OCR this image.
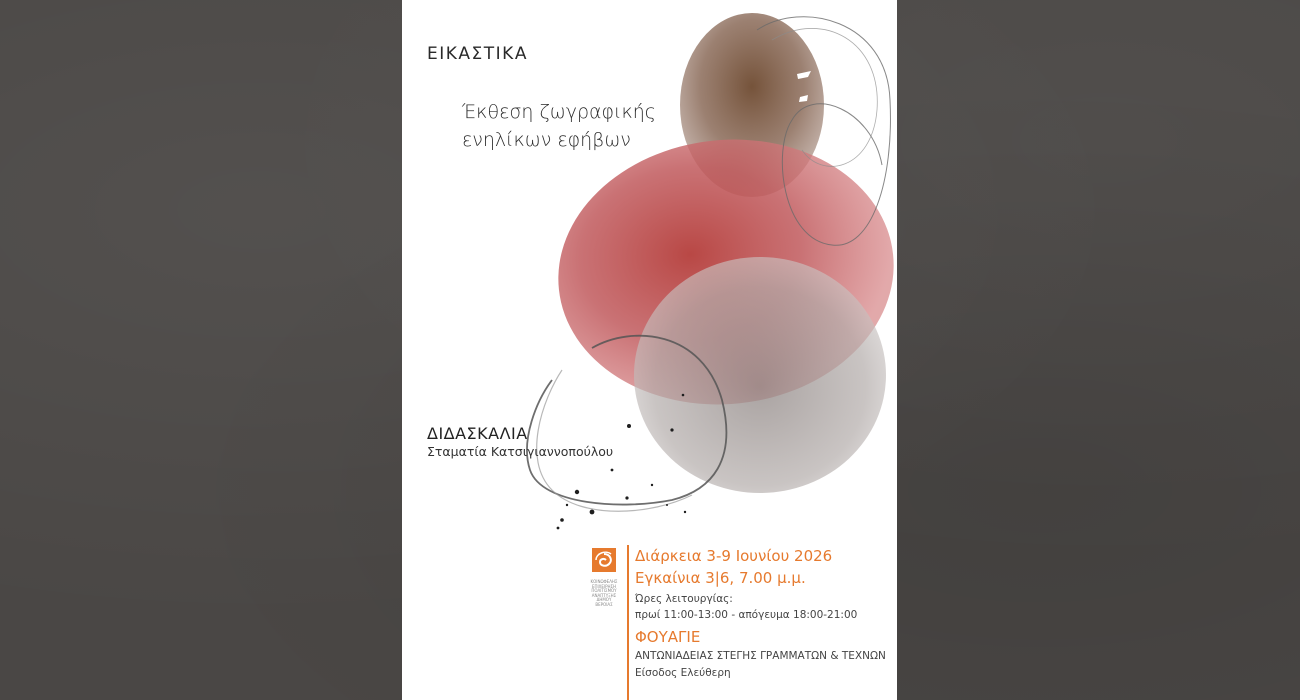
ΕΙΚΑΣΤΙΚΑ
Έκθεση ζωγραφικής
ενηλίκων εφήβων
ΔΙΔΑΣΚΑΛΙΑ
Σταματία Κατσιγιαννοπούλου
ΚΟΙΝΩΦΕΛΗΣ
ΕΠΙΧΕΙΡΗΣΗ
ΠΟΛΙΤΙΣΜΟΥ
ΑΝΑΠΤΥΞΗΣ
ΔΗΜΟΥ
ΒΕΡΟΙΑΣ
Διάρκεια 3-9 Ιουνίου 2026
Εγκαίνια 3|6, 7.00 μ.μ.
Ώρες λειτουργίας:
πρωί 11:00-13:00 - απόγευμα 18:00-21:00
ΦΟΥΑΓΙΕ
ΑΝΤΩΝΙΑΔΕΙΑΣ ΣΤΕΓΗΣ ΓΡΑΜΜΑΤΩΝ & ΤΕΧΝΩΝ
Είσοδος Ελεύθερη
